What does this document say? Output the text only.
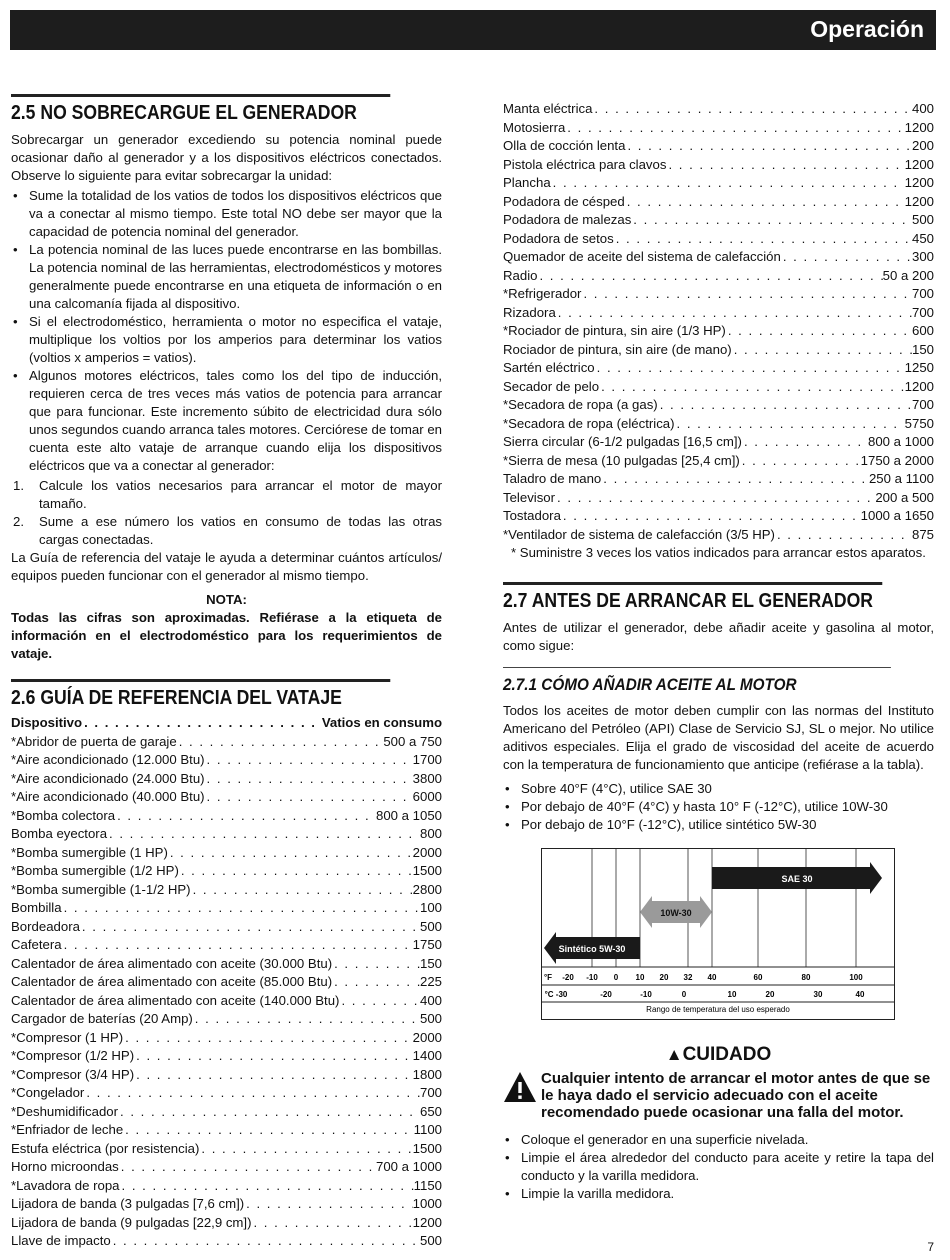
Operación
2.5 NO SOBRECARGUE EL GENERADOR

Sobrecargar un generador excediendo su potencia nominal puede ocasionar daño al generador y a los dispositivos eléctricos conectados. Observe lo siguiente para evitar sobrecargar la unidad:

• Sume la totalidad de los vatios de todos los dispositivos eléctricos que va a conectar al mismo tiempo. Este total NO debe ser mayor que la capacidad de potencia nominal del generador.
• La potencia nominal de las luces puede encontrarse en las bombillas. La potencia nominal de las herramientas, electrodomésticos y motores generalmente puede encontrarse en una etiqueta de información o en una calcomanía fijada al dispositivo.
• Si el electrodoméstico, herramienta o motor no especifica el vataje, multiplique los voltios por los amperios para determinar los vatios (voltios x amperios = vatios).
• Algunos motores eléctricos, tales como los del tipo de inducción, requieren cerca de tres veces más vatios de potencia para arrancar que para funcionar. Este incremento súbito de electricidad dura sólo unos segundos cuando arranca tales motores. Cerciórese de tomar en cuenta este alto vataje de arranque cuando elija los dispositivos eléctricos que va a conectar al generador:
1. Calcule los vatios necesarios para arrancar el motor de mayor tamaño.
2. Sume a ese número los vatios en consumo de todas las otras cargas conectadas.

La Guía de referencia del vataje le ayuda a determinar cuántos artículos/ equipos pueden funcionar con el generador al mismo tiempo.

NOTA:

Todas las cifras son aproximadas. Refiérase a la etiqueta de información en el electrodoméstico para los requerimientos de vataje.

2.6 GUÍA DE REFERENCIA DEL VATAJE
Dispositivo . . .	Vatios en consumo
*Abridor de puerta de garaje . . .	500 a 750
*Aire acondicionado (12.000 Btu) . . .	1700
*Aire acondicionado (24.000 Btu) . . .	3800
*Aire acondicionado (40.000 Btu) . . .	6000
*Bomba colectora . . .	800 a 1050
Bomba eyectora . . .	800
*Bomba sumergible (1 HP) . . .	2000
*Bomba sumergible (1/2 HP) . . .	1500
*Bomba sumergible (1-1/2 HP) . . .	2800
Bombilla . . .	100
Bordeadora . . .	500
Cafetera . . .	1750
Calentador de área alimentado con aceite (30.000 Btu) . . .	150
Calentador de área alimentado con aceite (85.000 Btu) . . .	225
Calentador de área alimentado con aceite (140.000 Btu) . . .	400
Cargador de baterías (20 Amp) . . .	500
*Compresor (1 HP) . . .	2000
*Compresor (1/2 HP) . . .	1400
*Compresor (3/4 HP) . . .	1800
*Congelador . . .	700
*Deshumidificador . . .	650
*Enfriador de leche . . .	1100
Estufa eléctrica (por resistencia) . . .	1500
Horno microondas . . .	700 a 1000
*Lavadora de ropa . . .	1150
Lijadora de banda (3 pulgadas [7,6 cm]) . . .	1000
Lijadora de banda (9 pulgadas [22,9 cm]) . . .	1200
Llave de impacto . . .	500
Manta eléctrica . . .	400
Motosierra . . .	1200
Olla de cocción lenta . . .	200
Pistola eléctrica para clavos . . .	1200
Plancha . . .	1200
Podadora de césped . . .	1200
Podadora de malezas . . .	500
Podadora de setos . . .	450
Quemador de aceite del sistema de calefacción . . .	300
Radio . . .	50 a 200
*Refrigerador . . .	700
Rizadora . . .	700
*Rociador de pintura, sin aire (1/3 HP) . . .	600
Rociador de pintura, sin aire (de mano) . . .	150
Sartén eléctrico . . .	1250
Secador de pelo . . .	1200
*Secadora de ropa (a gas) . . .	700
*Secadora de ropa (eléctrica) . . .	5750
Sierra circular (6-1/2 pulgadas [16,5 cm]) . . .	800 a 1000
*Sierra de mesa (10 pulgadas [25,4 cm]) . . .	1750 a 2000
Taladro de mano . . .	250 a 1100
Televisor . . .	200 a 500
Tostadora . . .	1000 a 1650
*Ventilador de sistema de calefacción (3/5 HP) . . .	875
* Suministre 3 veces los vatios indicados para arrancar estos aparatos.
2.7 ANTES DE ARRANCAR EL GENERADOR

Antes de utilizar el generador, debe añadir aceite y gasolina al motor, como sigue:

2.7.1 CÓMO AÑADIR ACEITE AL MOTOR

Todos los aceites de motor deben cumplir con las normas del Instituto Americano del Petróleo (API) Clase de Servicio SJ, SL o mejor. No utilice aditivos especiales. Elija el grado de viscosidad del aceite de acuerdo con la temperatura de funcionamiento que anticipe (refiérase a la tabla).

• Sobre 40°F (4°C), utilice SAE 30
• Por debajo de 40°F (4°C) y hasta 10° F (-12°C), utilice 10W-30
• Por debajo de 10°F (-12°C), utilice sintético 5W-30
SAE 30
10W-30
Sintético 5W-30
°F -20 -10 0 10 20 32 40	60	80	100
°C -30	-20	-10	0	10	20	30	40
Rango de temperatura del uso esperado
▲CUIDADO
Cualquier intento de arrancar el motor antes de que se le haya dado el servicio adecuado con el aceite recomendado puede ocasionar una falla del motor.
• Coloque el generador en una superficie nivelada.
• Limpie el área alrededor del conducto para aceite y retire la tapa del conducto y la varilla medidora.
• Limpie la varilla medidora.
7
